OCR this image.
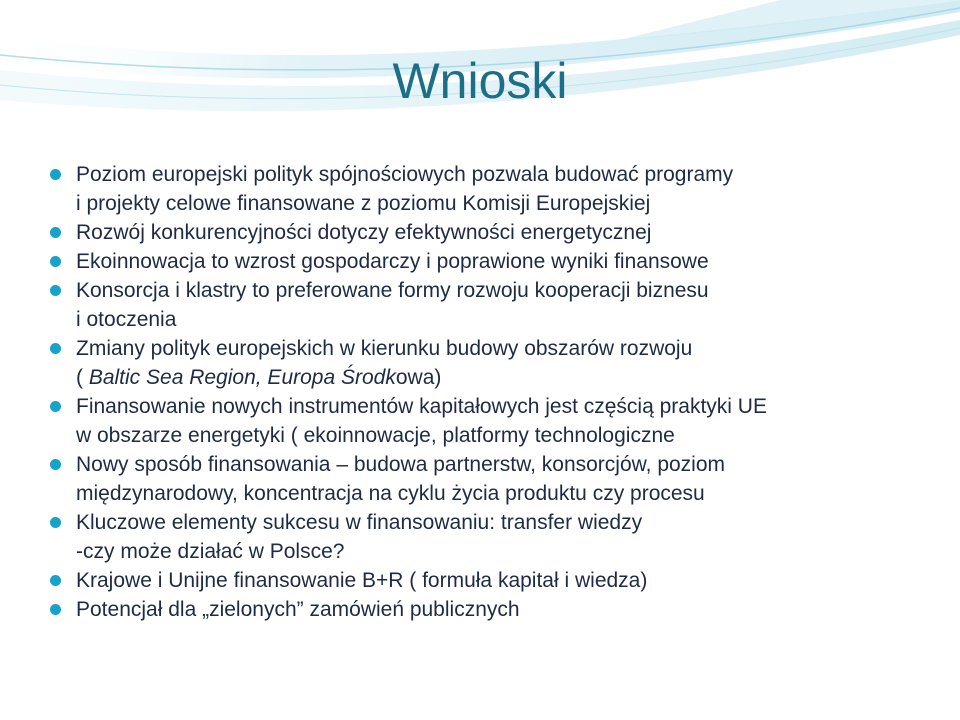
Wnioski
Poziom europejski polityk spójnościowych pozwala budować programy
i projekty celowe finansowane z poziomu Komisji Europejskiej
Rozwój konkurencyjności dotyczy efektywności energetycznej
Ekoinnowacja to wzrost gospodarczy i poprawione wyniki finansowe
Konsorcja i klastry to preferowane formy rozwoju kooperacji biznesu
i otoczenia
Zmiany polityk europejskich w kierunku budowy obszarów rozwoju
( Baltic Sea Region, Europa Środkowa)
Finansowanie nowych instrumentów kapitałowych jest częścią praktyki UE
w obszarze energetyki ( ekoinnowacje, platformy technologiczne
Nowy sposób finansowania – budowa partnerstw, konsorcjów, poziom
międzynarodowy, koncentracja na cyklu życia produktu czy procesu
Kluczowe elementy sukcesu w finansowaniu: transfer wiedzy
-czy może działać w Polsce?
Krajowe i Unijne finansowanie B+R ( formuła kapitał i wiedza)
Potencjał dla „zielonych” zamówień publicznych
